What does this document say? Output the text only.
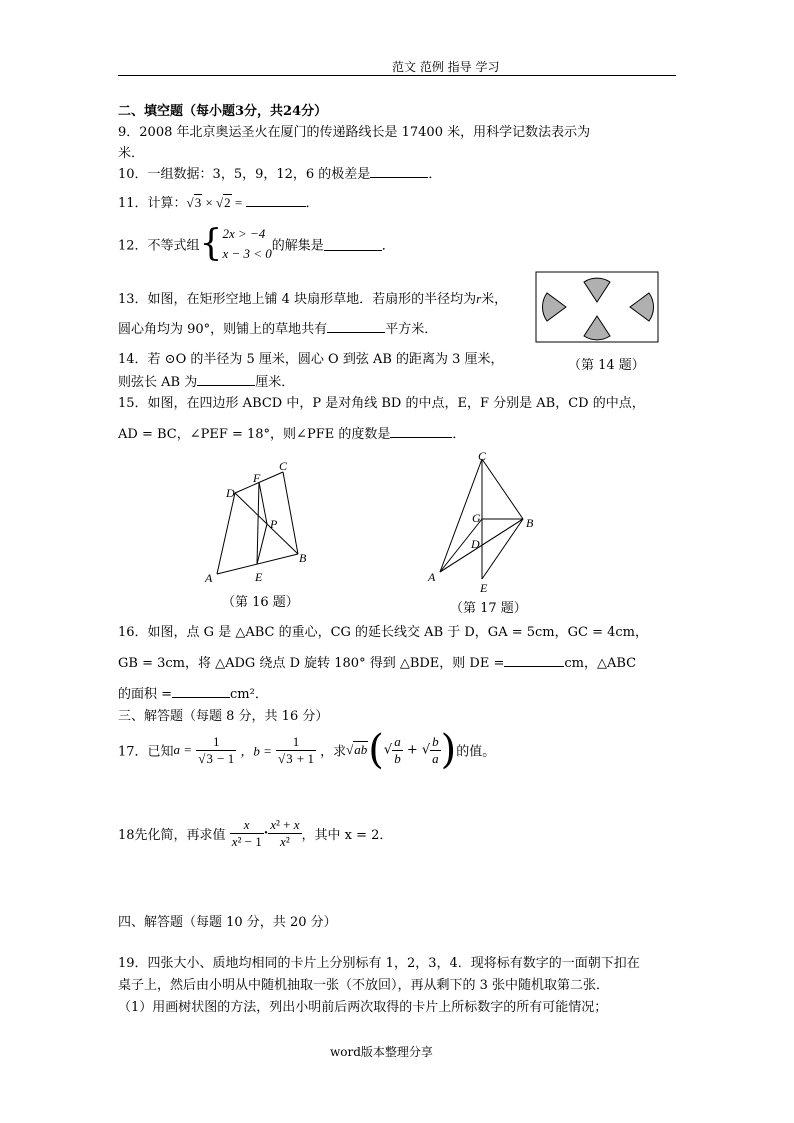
范文 范例 指导 学习
二、填空题（每小题3分，共24分）
9．2008 年北京奥运圣火在厦门的传递路线长是 17400 米，用科学记数法表示为
米．
10．一组数据：3，5，9，12，6 的极差是	．
11．计算：√3 × √2 =	．
12．不等式组{ 2x > −4
x − 3 < 0 的解集是	．
13．如图，在矩形空地上铺 4 块扇形草地．若扇形的半径均为r米，
圆心角均为 90°，则铺上的草地共有	平方米．
（第 14 题）
14．若 ⊙O 的半径为 5 厘米，圆心 O 到弦 AB 的距离为 3 厘米，
则弦长 AB 为	厘米．
15．如图，在四边形 ABCD 中，P 是对角线 BD 的中点，E，F 分别是 AB，CD 的中点，
AD = BC，∠PEF = 18°，则∠PFE 的度数是	．
A
B
C
D
E
F
P
（第 16 题）
C
A
B
D
E
G
（第 17 题）
16．如图，点 G 是 △ABC 的重心，CG 的延长线交 AB 于 D，GA = 5cm，GC = 4cm，
GB = 3cm，将 △ADG 绕点 D 旋转 180° 得到 △BDE，则 DE =	cm，△ABC
的面积 =	cm²．
三、解答题（每题 8 分，共 16 分）
17．已知$a = \frac{1}{√3 - 1}$ ，$b = \frac{1}{√3 + 1}$ ，求$√ab(√ \frac{a}{b}$ + √ $\frac{b}{a}$ )的值。
18先化简，再求值 $\frac{x}{\text{x² − 1}} \cdot \frac{\text{x² + x}}{\text{x²}}$ ，其中 x = 2．
四、解答题（每题 10 分，共 20 分）
19．四张大小、质地均相同的卡片上分别标有 1，2，3，4．现将标有数字的一面朝下扣在
桌子上，然后由小明从中随机抽取一张（不放回），再从剩下的 3 张中随机取第二张．
（1）用画树状图的方法，列出小明前后两次取得的卡片上所标数字的所有可能情况；
word版本整理分享
